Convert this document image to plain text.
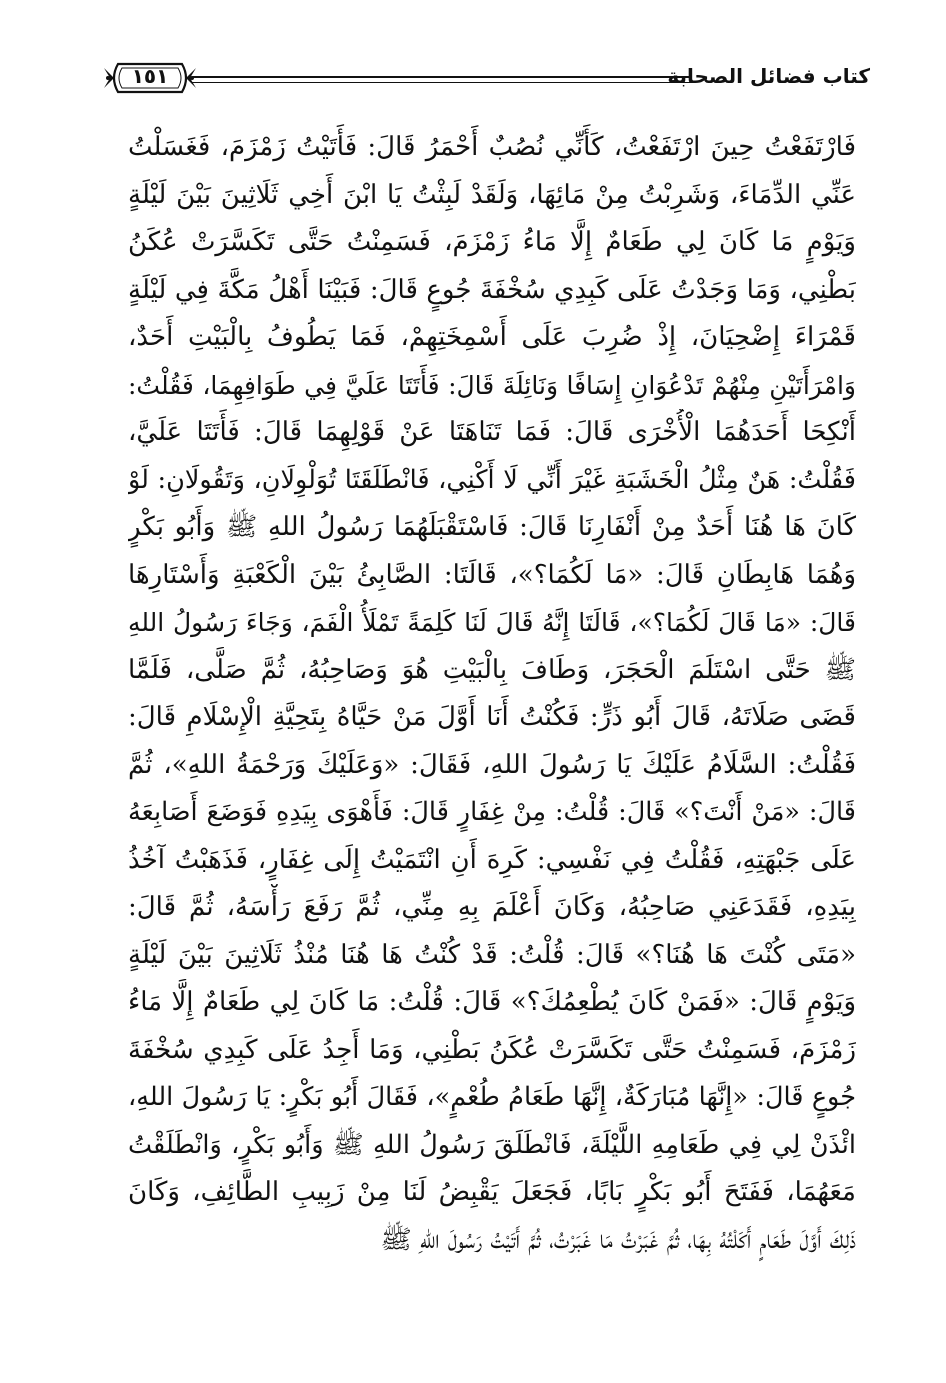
كتاب فضائل الصحابة
١٥١
فَارْتَفَعْتُ حِينَ ارْتَفَعْتُ، كَأَنِّي نُصُبٌ أَحْمَرُ قَالَ: فَأَتَيْتُ زَمْزَمَ، فَغَسَلْتُ
عَنِّي الدِّمَاءَ، وَشَرِبْتُ مِنْ مَائِهَا، وَلَقَدْ لَبِثْتُ يَا ابْنَ أَخِي ثَلَاثِينَ بَيْنَ لَيْلَةٍ
وَيَوْمٍ مَا كَانَ لِي طَعَامٌ إِلَّا مَاءُ زَمْزَمَ، فَسَمِنْتُ حَتَّى تَكَسَّرَتْ عُكَنُ
بَطْنِي، وَمَا وَجَدْتُ عَلَى كَبِدِي سُخْفَةَ جُوعٍ قَالَ: فَبَيْنَا أَهْلُ مَكَّةَ فِي لَيْلَةٍ
قَمْرَاءَ إِضْحِيَانَ، إِذْ ضُرِبَ عَلَى أَسْمِخَتِهِمْ، فَمَا يَطُوفُ بِالْبَيْتِ أَحَدٌ،
وَامْرَأَتَيْنِ مِنْهُمْ تَدْعُوَانِ إِسَافًا وَنَائِلَةَ قَالَ: فَأَتَتَا عَلَيَّ فِي طَوَافِهِمَا، فَقُلْتُ:
أَنْكِحَا أَحَدَهُمَا الْأُخْرَى قَالَ: فَمَا تَنَاهَتَا عَنْ قَوْلِهِمَا قَالَ: فَأَتَتَا عَلَيَّ،
فَقُلْتُ: هَنٌ مِثْلُ الْخَشَبَةِ غَيْرَ أَنِّي لَا أَكْنِي، فَانْطَلَقَتَا تُوَلْوِلَانِ، وَتَقُولَانِ: لَوْ
كَانَ هَا هُنَا أَحَدٌ مِنْ أَنْفَارِنَا قَالَ: فَاسْتَقْبَلَهُمَا رَسُولُ اللهِ ﷺ وَأَبُو بَكْرٍ
وَهُمَا هَابِطَانِ قَالَ: «مَا لَكُمَا؟»، قَالَتَا: الصَّابِئُ بَيْنَ الْكَعْبَةِ وَأَسْتَارِهَا
قَالَ: «مَا قَالَ لَكُمَا؟»، قَالَتَا إِنَّهُ قَالَ لَنَا كَلِمَةً تَمْلَأُ الْفَمَ، وَجَاءَ رَسُولُ اللهِ
ﷺ حَتَّى اسْتَلَمَ الْحَجَرَ، وَطَافَ بِالْبَيْتِ هُوَ وَصَاحِبُهُ، ثُمَّ صَلَّى، فَلَمَّا
قَضَى صَلَاتَهُ، قَالَ أَبُو ذَرٍّ: فَكُنْتُ أَنَا أَوَّلَ مَنْ حَيَّاهُ بِتَحِيَّةِ الْإِسْلَامِ قَالَ:
فَقُلْتُ: السَّلَامُ عَلَيْكَ يَا رَسُولَ اللهِ، فَقَالَ: «وَعَلَيْكَ وَرَحْمَةُ اللهِ»، ثُمَّ
قَالَ: «مَنْ أَنْتَ؟» قَالَ: قُلْتُ: مِنْ غِفَارٍ قَالَ: فَأَهْوَى بِيَدِهِ فَوَضَعَ أَصَابِعَهُ
عَلَى جَبْهَتِهِ، فَقُلْتُ فِي نَفْسِي: كَرِهَ أَنِ انْتَمَيْتُ إِلَى غِفَارٍ، فَذَهَبْتُ آخُذُ
بِيَدِهِ، فَقَدَعَنِي صَاحِبُهُ، وَكَانَ أَعْلَمَ بِهِ مِنِّي، ثُمَّ رَفَعَ رَأْسَهُ، ثُمَّ قَالَ:
«مَتَى كُنْتَ هَا هُنَا؟» قَالَ: قُلْتُ: قَدْ كُنْتُ هَا هُنَا مُنْذُ ثَلَاثِينَ بَيْنَ لَيْلَةٍ
وَيَوْمٍ قَالَ: «فَمَنْ كَانَ يُطْعِمُكَ؟» قَالَ: قُلْتُ: مَا كَانَ لِي طَعَامٌ إِلَّا مَاءُ
زَمْزَمَ، فَسَمِنْتُ حَتَّى تَكَسَّرَتْ عُكَنُ بَطْنِي، وَمَا أَجِدُ عَلَى كَبِدِي سُخْفَةَ
جُوعٍ قَالَ: «إِنَّهَا مُبَارَكَةٌ، إِنَّهَا طَعَامُ طُعْمٍ»، فَقَالَ أَبُو بَكْرٍ: يَا رَسُولَ اللهِ،
ائْذَنْ لِي فِي طَعَامِهِ اللَّيْلَةَ، فَانْطَلَقَ رَسُولُ اللهِ ﷺ وَأَبُو بَكْرٍ، وَانْطَلَقْتُ
مَعَهُمَا، فَفَتَحَ أَبُو بَكْرٍ بَابًا، فَجَعَلَ يَقْبِضُ لَنَا مِنْ زَبِيبِ الطَّائِفِ، وَكَانَ
ذَلِكَ أَوَّلَ طَعَامٍ أَكَلْتُهُ بِهَا، ثُمَّ غَبَرْتُ مَا غَبَرْتُ، ثُمَّ أَتَيْتُ رَسُولَ اللهِ ﷺ
